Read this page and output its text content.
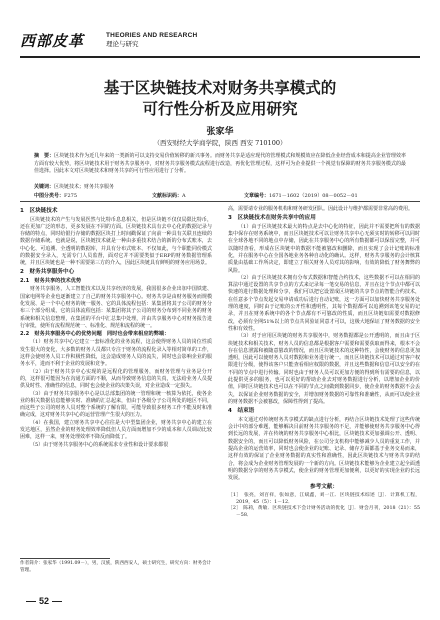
西部皮革	THEORIES AND RESEARCH
理论与研究
基于区块链技术对财务共享模式的
可行性分析及应用研究
张家华
（西安财经大学商学院，陕西 西安 710100）
摘　要：区块链技术作为近几年来的一类新的可以支持交易价值转移的新兴事务。而财务共享是适应现代的管理模式和规模效应在降低企业经营成本和提高企业管理效率方面有较大优势，将区块链技术用于财务共享服务中，对财务共享服务模式流程进行改造，再优化管理过程，这样可为企业提供一个视觉有保障的财务共享服务模式的最佳选择。因此本文对区块链技术和财务共享的可行性应用进行了分析。
关键词：区块链技术；财务共享服务
中图分类号：F275	文献标识码：A	文章编号：1671－1602（2019）08－0052－01
1　区块链技术

区块链技术的产生与发展医然与比特币息息相关，但是区块链不仅仅局限比特币，还在更加广泛的形态，更多发展在不同的方面。区块链技术具有去中心化的数据记录与存储的特点，同时给银行存储的数据区块打上时间戳保证了向前一种具有关联且连续的数据存储系统。也就是说，区块链技术就是一种由多重技术结合的新的分布式账本，去中心化、可追溯、全透明的数据库，并具有分布式账本、不仅如此，与个职能同份模式的数据安全录入，无需专门人员监督，面对它并不需要类似于ERP的财务数据管理系统，并且区块链也是一种不需要第三方的介入，因此区块链具有鲜明的财务应用场景。

2　财务共享服务中心
2.1　财务共享的技术优势

财务共享服务，人工智能技术以及共享经济的发展，我国很多企业出加中国铁建、国家电网等企业也逐渐建立了自己的财务共享服务中心。财务共享是由财务服务而规模化发展、是一个中心财务的统一服务、它的具体流程包括：某集团将其子公司的财务分布三个部分组成，它的具体流程包括：某集团将其子公司的财务分布到不同业务的财务系统和相关信息整理，在集团的平台中汇总集中处理，并由共享服务中心对财务报告进行审批，使所有流程规范统一、标准化、规范和流程的统一。

2.2　财务共享服务中心的优势问题　同时也会带来相应的弊端：

（1）财务共享中心它建立一套标准化的业务流程，这会使得财务人员的岗位性质发生很大的变化，大多数的财务人员都只专注于财务的流程化录入等相对简单的工作，这样会使财务人员工作积极性降低，这会造成财务人员的流失，同时也会影响企业的服务水平，进而不利于企业的发展和竞争。

（2）由于财务共享中心实现的是远程化的管理服务，而财务管理与业务是分开的，这样很可能因为在沟通方面的不顺，从而导致财务信息的失真，无法给业务人员提供及时性、准确性的信息，同时也会使企业的决策失误，对企业造成一定损失。

（3）由于财务共享服务中心是以总部集团的统一管理和统一核算为依托，使各企业的相关数据信息能够实时、准确的汇总起来，但由于各级分子公司所处的地区不同，而这些子公司的财务人员对整个系统的了解有限，可能导致很多财务工作不能及时和准确完成，这对财务共享中心的运营管理产生很大的压力。

（4）在我国，建立财务共享中心往往是大中型集团企业，财务共享中心的建立在发达地区，虽然企业的财务处理效率降低但人员方面而增加不少的成本和人员调动比较困难，这样一来，财务处理效率不降反而降低了。

（5）由于财务共享服务中心的系统需求专业性和设计要求都很

作者简介：张家华（1991.09－），男，汉族，陕西西安人，硕士研究生，研究方向：财务会计管理。

高，需要请专业的服务机构和财务研发团队。因此设计与维护都需要非常高的费用。

3　区块链技术在财务共享中的应用

（1）由于区块链技术最大的特点是去中心化的特征，因此并不需要把所有的数据集中保存在财务系统中，而且区块链技术可以让财务共享中心无须实时的转移可以同时在全球各地不同的地点中存储，因此在共享服务中心的所有数据都可以保留完整，并可以随时查看，形成在区块链中的数据不能被篡改和删除，而且实现了会计记账的标准化，并在服务中心在全国各地业务各种自动化的确认。这样，财务共享服务的会计核算质量由基础工作所决定，即建立了相关财务人员对其的影响，有效的降低了财务舞弊的风险。

（2）由于区块链技术拥有分布式数据和智能合约技术，这些数据不可以在相同的算法中通过设置的共享节点的方式来记录每一笔交易的信息，并且在这个节点中都可以快速的进行数据处理和分享，我们可以把它设置成区块链的共享节点的智能合约技术，在任意多个节点发起交易申请成功后进行自动记账，这一方面可以加快财务共享服务处理的速度，同时由于记账的公开性和透明性，其每个数据都可以追溯到该笔交易的记录，并且在财务系统中的各个节点都有不可篡改的性质，而且区块链如需要对数据修改，必须有全网51%以上的节点共同验证同意才可以，这极大地保证了财务数据的安全性和有效性。

（3）对于应用区块链的财务共享服务中，财务数据都是公开透明的，而且由于区块链技术和相关技术，财务人员的信息都是根据客户需要和需要获取而得来，根本不会存在信息泄露和被随意篡改的情况，而且区块链技术的这种特性，会使财务的信息更加透明，因此可以使财务人员对数据和业务进行统一。而且区块链技术可以通过对客户权限进行分级，使得该客户只能查看相应权限的数据，并且这些数据和信息可以安全的在不同的节点中进行传输。同时也由于财务人员可以更加方便的得到所有需要的信息，以此提供更多的服务，也可以更好的帮助企业去对财务数据进行分析，以增加企业的价值，同时区块链技术也可以在不同的节点之间做到数据同步，使企业的财务数据不会丢失，以保证企业财务数据的安全，并增加财务数据的可靠性和准确性，从而可以使企业的财务数据不会被篡改，保障性得到了提高。

4　结束语

本文通过对传统财务共享模式的缺点进行分析，再结合区块链技术处理了这些传统会计中的部分难题，能够解决目前财务共享服务的不足，并能够使财务共享服务中心得到长远的发展，并在传统的财务共享服务中心相比，区块链技术更加强调公开、透明、数据安全的，而且可以降低财务风险，在公司分支机构中能够减少人员的重复工作，并提高企业的运营效率，同时也会使企业的记账、记录、储存方面都基于业务交易而来，这样有效的保证了企业财务数据的真实性和准确性，因此区块链技术与财务共享的结合，将会成为企业财务管理发展的一个新的方向。区块链技术能够为企业建立起全面透明的数据分享的财务共享模式，使企业的财务管理更加便利，以更好的实现企业的长远发展。

参考文献：

［1］　张亮，刘百祥，张如意，江斌鑫，刘一江．区块链技术综述［J］．计算机工程，2019，45（5）：1－12．

［2］　陈莉，黄敏．区块链技术下会计财务活动的优化［J］．财会月刊，2018（21）：55－58．

52
